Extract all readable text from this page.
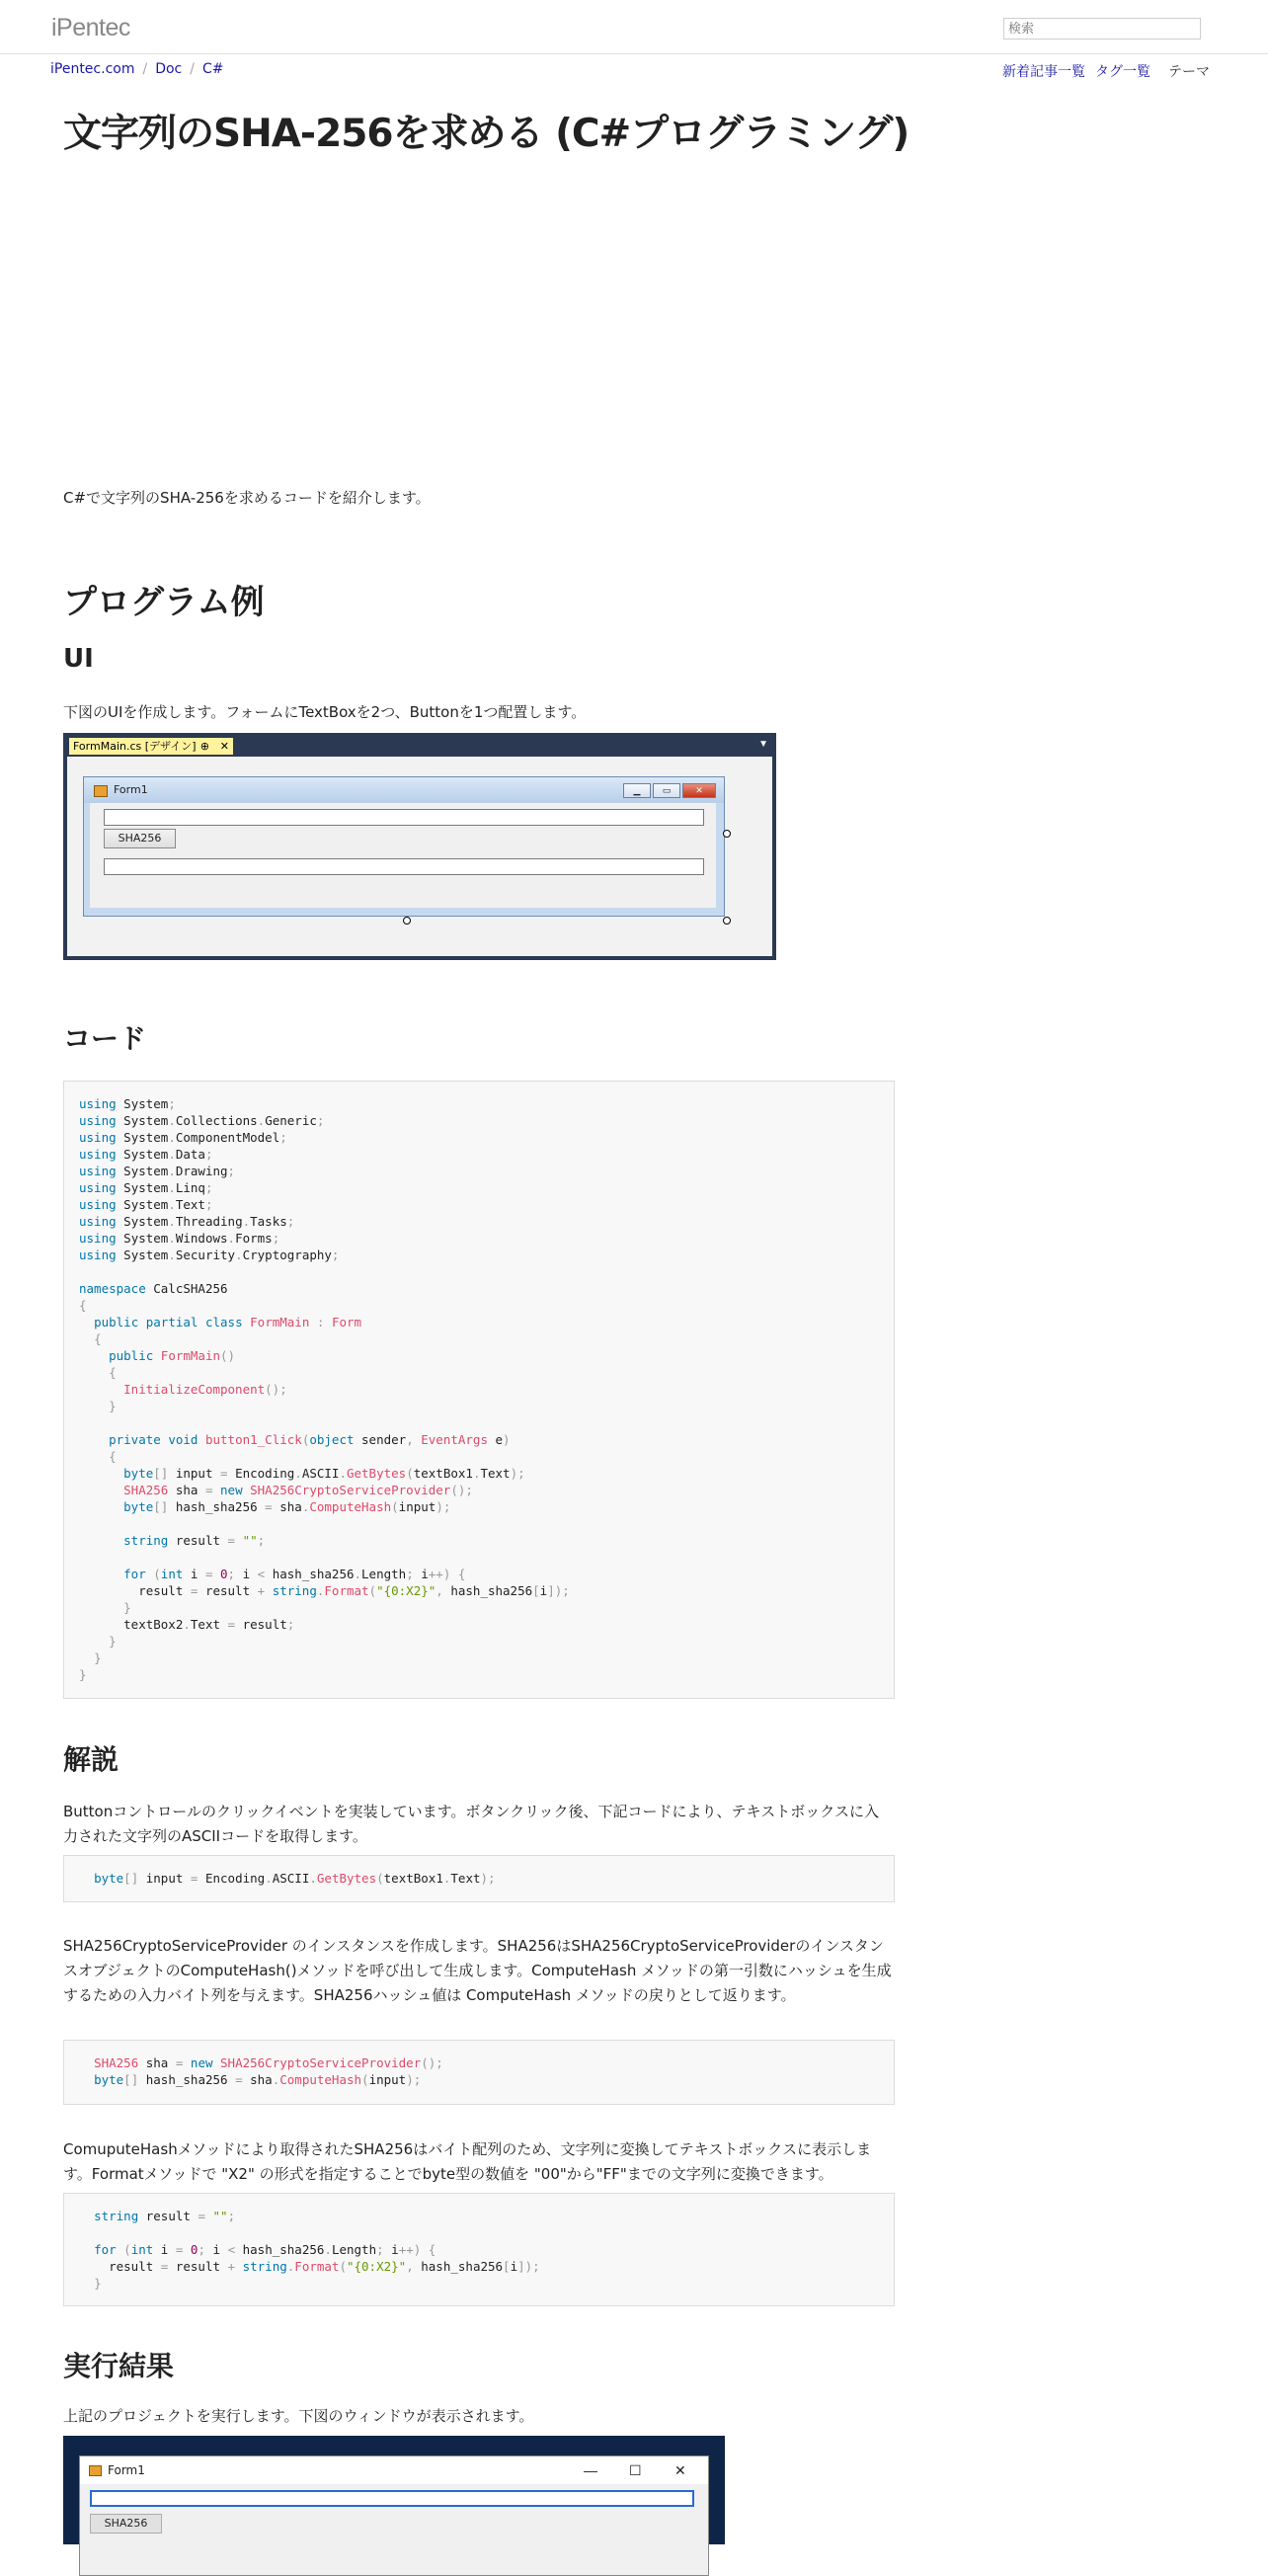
iPentec
検索
iPentec.com / Doc / C#	新着記事一覧 タグ一覧 テーマ
文字列のSHA-256を求める (C#プログラミング)

C#で文字列のSHA-256を求めるコードを紹介します。

プログラム例
UI

下図のUIを作成します。フォームにTextBoxを2つ、Buttonを1つ配置します。

FormMain.cs [デザイン] ⊕ ✕	▼
Form1	▁	▭	✕
SHA256
コード
using System;
using System.Collections.Generic;
using System.ComponentModel;
using System.Data;
using System.Drawing;
using System.Linq;
using System.Text;
using System.Threading.Tasks;
using System.Windows.Forms;
using System.Security.Cryptography;

namespace CalcSHA256
{
public partial class FormMain : Form
{
public FormMain()
{
InitializeComponent();
}

private void button1_Click(object sender, EventArgs e)
{
byte[] input = Encoding.ASCII.GetBytes(textBox1.Text);
SHA256 sha = new SHA256CryptoServiceProvider();
byte[] hash_sha256 = sha.ComputeHash(input);

string result = "";

for (int i = 0; i < hash_sha256.Length; i++) {
result = result + string.Format("{0:X2}", hash_sha256[i]);
}
textBox2.Text = result;
}
}
}
解説

Buttonコントロールのクリックイベントを実装しています。ボタンクリック後、下記コードにより、テキストボックスに入力された文字列のASCIIコードを取得します。

byte[] input = Encoding.ASCII.GetBytes(textBox1.Text);

SHA256CryptoServiceProvider のインスタンスを作成します。SHA256はSHA256CryptoServiceProviderのインスタンスオブジェクトのComputeHash()メソッドを呼び出して生成します。ComputeHash メソッドの第一引数にハッシュを生成するための入力バイト列を与えます。SHA256ハッシュ値は ComputeHash メソッドの戻りとして返ります。

SHA256 sha = new SHA256CryptoServiceProvider();
byte[] hash_sha256 = sha.ComputeHash(input);

ComuputeHashメソッドにより取得されたSHA256はバイト配列のため、文字列に変換してテキストボックスに表示します。Formatメソッドで "X2" の形式を指定することでbyte型の数値を "00"から"FF"までの文字列に変換できます。

string result = "";

for (int i = 0; i < hash_sha256.Length; i++) {
result = result + string.Format("{0:X2}", hash_sha256[i]);
}
実行結果

上記のプロジェクトを実行します。下図のウィンドウが表示されます。

Form1	— ☐ ✕
SHA256
